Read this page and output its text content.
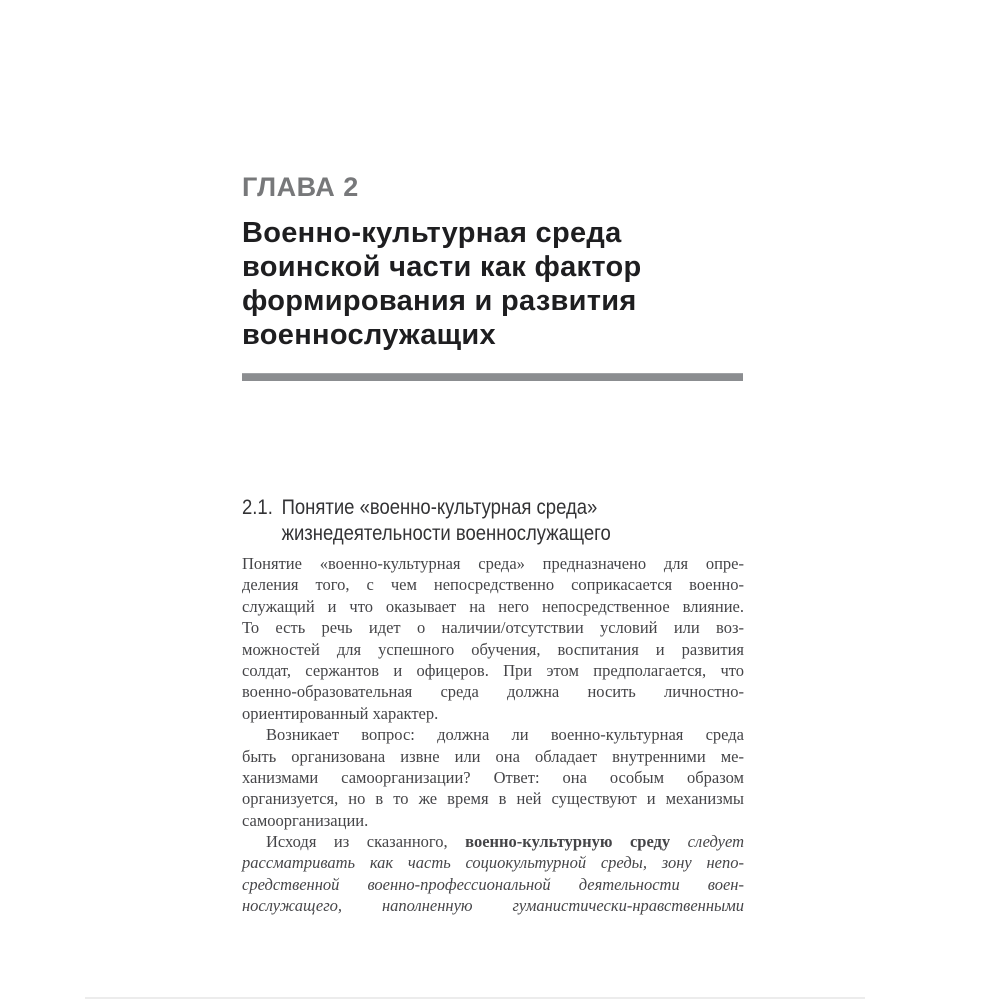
ГЛАВА 2
Военно-культурная среда
воинской части как фактор
формирования и развития
военнослужащих
2.1. Понятие «военно-культурная среда»
жизнедеятельности военнослужащего
Понятие «военно-культурная среда» предназначено для опре-
деления того, с чем непосредственно соприкасается военно-
служащий и что оказывает на него непосредственное влияние.
То есть речь идет о наличии/отсутствии условий или воз-
можностей для успешного обучения, воспитания и развития
солдат, сержантов и офицеров. При этом предполагается, что
военно-образовательная среда должна носить личностно-
ориентированный характер.
Возникает вопрос: должна ли военно-культурная среда
быть организована извне или она обладает внутренними ме-
ханизмами самоорганизации? Ответ: она особым образом
организуется, но в то же время в ней существуют и механизмы
самоорганизации.
Исходя из сказанного, военно-культурную среду следует
рассматривать как часть социокультурной среды, зону непо-
средственной военно-профессиональной деятельности воен-
нослужащего, наполненную гуманистически-нравственными
